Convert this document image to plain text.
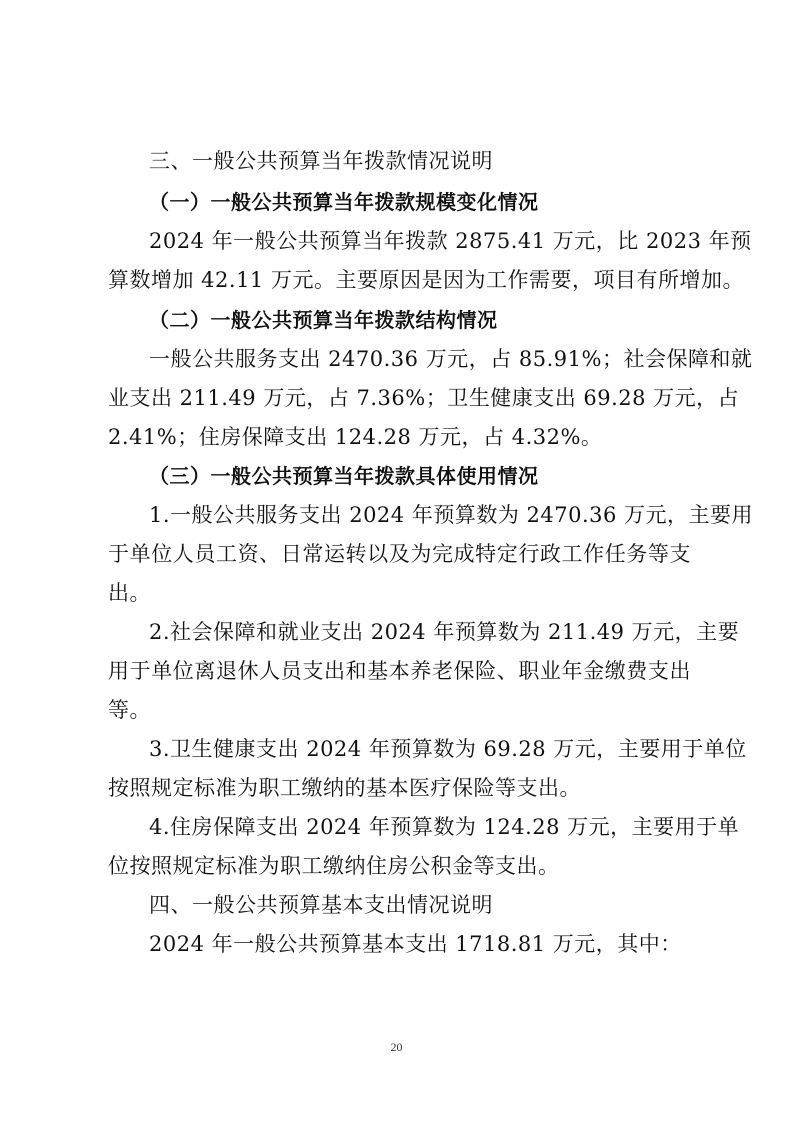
三、一般公共预算当年拨款情况说明
（一）一般公共预算当年拨款规模变化情况
2024 年一般公共预算当年拨款 2875.41 万元，比 2023 年预
算数增加 42.11 万元。主要原因是因为工作需要，项目有所增加。
（二）一般公共预算当年拨款结构情况
一般公共服务支出 2470.36 万元，占 85.91%；社会保障和就
业支出 211.49 万元，占 7.36%；卫生健康支出 69.28 万元，占
2.41%；住房保障支出 124.28 万元，占 4.32%。
（三）一般公共预算当年拨款具体使用情况
1.一般公共服务支出 2024 年预算数为 2470.36 万元，主要用
于单位人员工资、日常运转以及为完成特定行政工作任务等支
出。
2.社会保障和就业支出 2024 年预算数为 211.49 万元，主要
用于单位离退休人员支出和基本养老保险、职业年金缴费支出
等。
3.卫生健康支出 2024 年预算数为 69.28 万元，主要用于单位
按照规定标准为职工缴纳的基本医疗保险等支出。
4.住房保障支出 2024 年预算数为 124.28 万元，主要用于单
位按照规定标准为职工缴纳住房公积金等支出。
四、一般公共预算基本支出情况说明
2024 年一般公共预算基本支出 1718.81 万元，其中：
20
